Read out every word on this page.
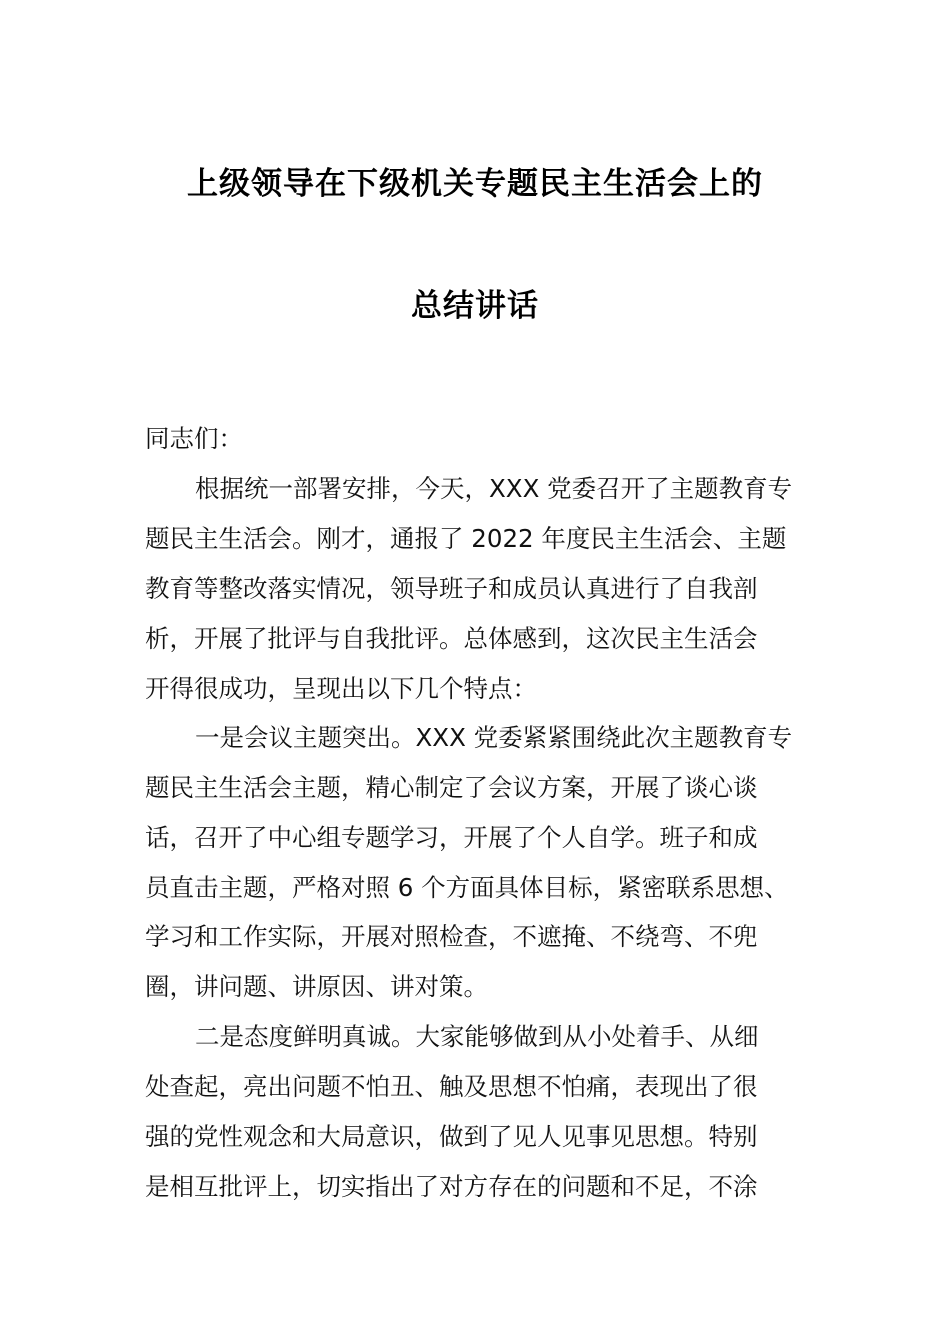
上级领导在下级机关专题民主生活会上的
总结讲话
同志们：
根据统一部署安排，今天，XXX 党委召开了主题教育专
题民主生活会。刚才，通报了 2022 年度民主生活会、主题
教育等整改落实情况，领导班子和成员认真进行了自我剖
析，开展了批评与自我批评。总体感到，这次民主生活会
开得很成功，呈现出以下几个特点：
一是会议主题突出。XXX 党委紧紧围绕此次主题教育专
题民主生活会主题，精心制定了会议方案，开展了谈心谈
话，召开了中心组专题学习，开展了个人自学。班子和成
员直击主题，严格对照 6 个方面具体目标，紧密联系思想、
学习和工作实际，开展对照检查，不遮掩、不绕弯、不兜
圈，讲问题、讲原因、讲对策。
二是态度鲜明真诚。大家能够做到从小处着手、从细
处查起，亮出问题不怕丑、触及思想不怕痛，表现出了很
强的党性观念和大局意识，做到了见人见事见思想。特别
是相互批评上，切实指出了对方存在的问题和不足，不涂
